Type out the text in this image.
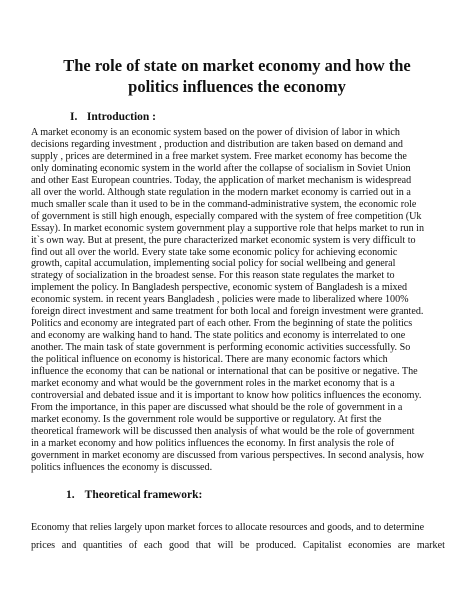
The role of state on market economy and how the
politics influences the economy
I. Introduction :
A market economy is an economic system based on the power of division of labor in which
decisions regarding investment , production and distribution are taken based on demand and
supply , prices are determined in a free market system. Free market economy has become the
only dominating economic system in the world after the collapse of socialism in Soviet Union
and other East European countries. Today, the application of market mechanism is widespread
all over the world. Although state regulation in the modern market economy is carried out in a
much smaller scale than it used to be in the command-administrative system, the economic role
of government is still high enough, especially compared with the system of free competition (Uk
Essay). In market economic system government play a supportive role that helps market to run in
it`s own way. But at present, the pure characterized market economic system is very difficult to
find out all over the world. Every state take some economic policy for achieving economic
growth, capital accumulation, implementing social policy for social wellbeing and general
strategy of socialization in the broadest sense. For this reason state regulates the market to
implement the policy. In Bangladesh perspective, economic system of Bangladesh is a mixed
economic system. in recent years Bangladesh , policies were made to liberalized where 100%
foreign direct investment and same treatment for both local and foreign investment were granted.
Politics and economy are integrated part of each other. From the beginning of state the politics
and economy are walking hand to hand. The state politics and economy is interrelated to one
another. The main task of state government is performing economic activities successfully. So
the political influence on economy is historical. There are many economic factors which
influence the economy that can be national or international that can be positive or negative. The
market economy and what would be the government roles in the market economy that is a
controversial and debated issue and it is important to know how politics influences the economy.
From the importance, in this paper are discussed what should be the role of government in a
market economy. Is the government role would be supportive or regulatory. At first the
theoretical framework will be discussed then analysis of what would be the role of government
in a market economy and how politics influences the economy. In first analysis the role of
government in market economy are discussed from various perspectives. In second analysis, how
politics influences the economy is discussed.
1. Theoretical framework:
Economy that relies largely upon market forces to allocate resources and goods, and to determine
prices and quantities of each good that will be produced. Capitalist economies are market
